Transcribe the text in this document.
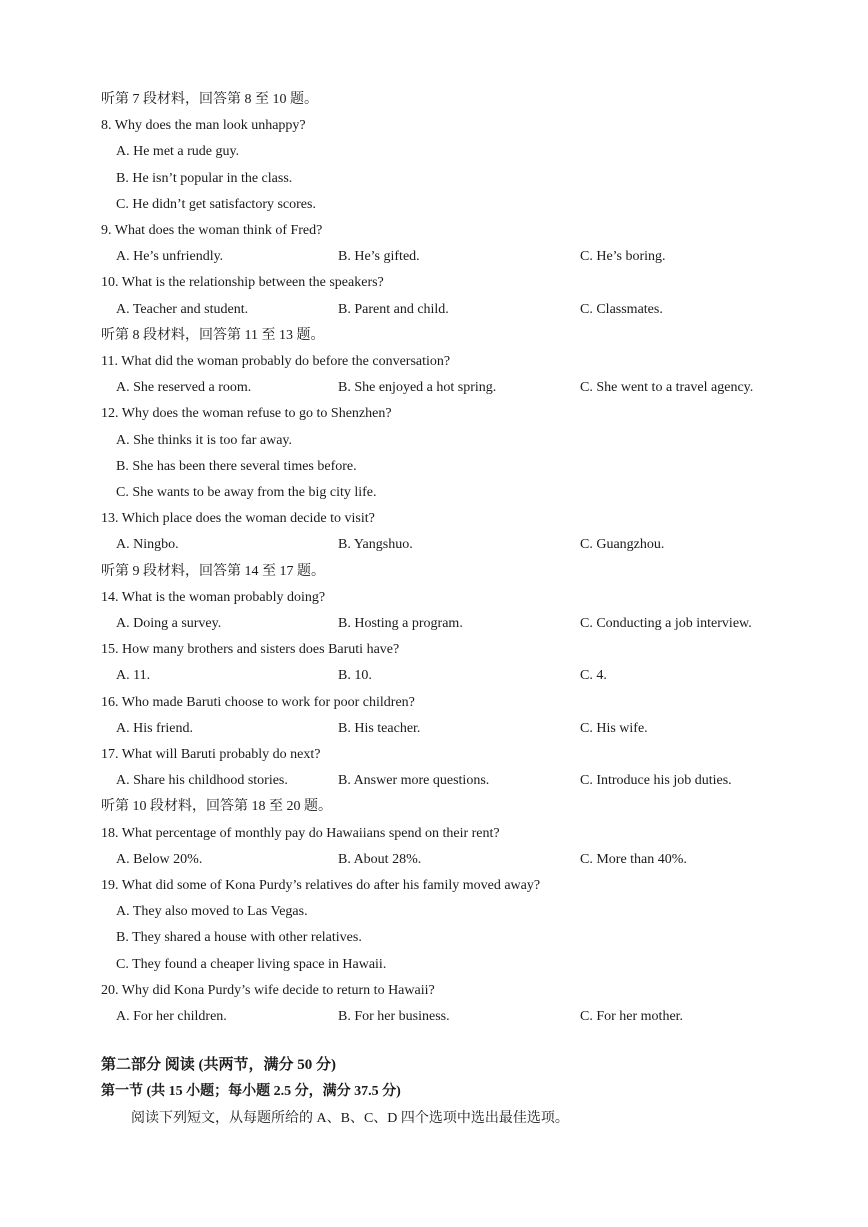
听第 7 段材料，回答第 8 至 10 题。
8. Why does the man look unhappy?
A. He met a rude guy.
B. He isn’t popular in the class.
C. He didn’t get satisfactory scores.
9. What does the woman think of Fred?
A. He’s unfriendly.	B. He’s gifted.	C. He’s boring.
10. What is the relationship between the speakers?
A. Teacher and student.	B. Parent and child.	C. Classmates.
听第 8 段材料，回答第 11 至 13 题。
11. What did the woman probably do before the conversation?
A. She reserved a room.	B. She enjoyed a hot spring.	C. She went to a travel agency.
12. Why does the woman refuse to go to Shenzhen?
A. She thinks it is too far away.
B. She has been there several times before.
C. She wants to be away from the big city life.
13. Which place does the woman decide to visit?
A. Ningbo.	B. Yangshuo.	C. Guangzhou.
听第 9 段材料，回答第 14 至 17 题。
14. What is the woman probably doing?
A. Doing a survey.	B. Hosting a program.	C. Conducting a job interview.
15. How many brothers and sisters does Baruti have?
A. 11.	B. 10.	C. 4.
16. Who made Baruti choose to work for poor children?
A. His friend.	B. His teacher.	C. His wife.
17. What will Baruti probably do next?
A. Share his childhood stories.	B. Answer more questions.	C. Introduce his job duties.
听第 10 段材料，回答第 18 至 20 题。
18. What percentage of monthly pay do Hawaiians spend on their rent?
A. Below 20%.	B. About 28%.	C. More than 40%.
19. What did some of Kona Purdy’s relatives do after his family moved away?
A. They also moved to Las Vegas.
B. They shared a house with other relatives.
C. They found a cheaper living space in Hawaii.
20. Why did Kona Purdy’s wife decide to return to Hawaii?
A. For her children.	B. For her business.	C. For her mother.
第二部分 阅读 (共两节，满分 50 分)
第一节 (共 15 小题；每小题 2.5 分，满分 37.5 分)
阅读下列短文，从每题所给的 A、B、C、D 四个选项中选出最佳选项。
